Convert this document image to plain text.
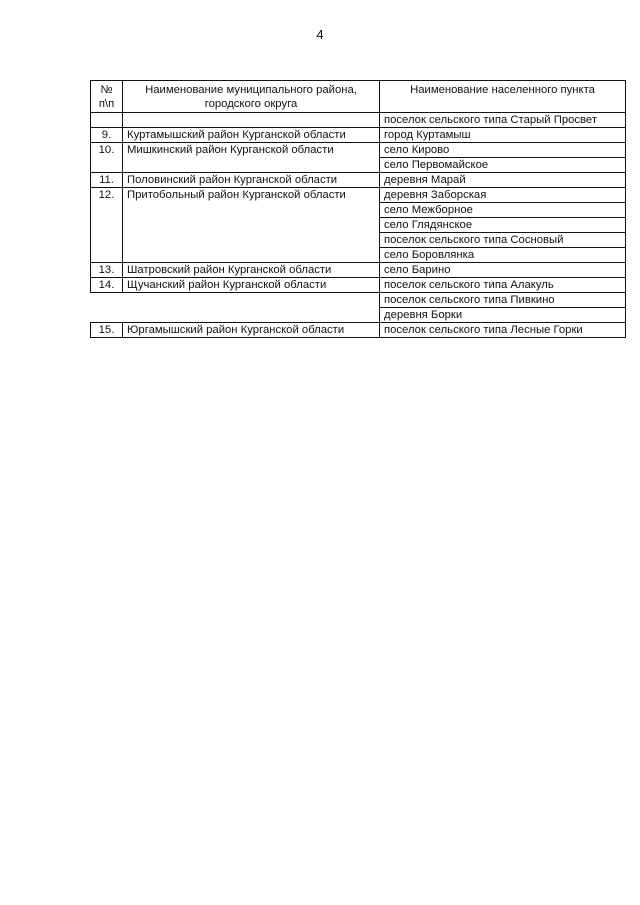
4
№ п\п	Наименование муниципального района, городского округа	Наименование населенного пункта
		поселок сельского типа Старый Просвет
9.	Куртамышский район Курганской области	город Куртамыш
10.	Мишкинский район Курганской области	село Кирово
		село Первомайское
11.	Половинский район Курганской области	деревня Марай
12.	Притобольный район Курганской области	деревня Заборская
		село Межборное
		село Глядянское
		поселок сельского типа Сосновый
		село Боровлянка
13.	Шатровский район Курганской области	село Барино
14.	Щучанский район Курганской области	поселок сельского типа Алакуль
		поселок сельского типа Пивкино
		деревня Борки
15.	Юргамышский район Курганской области	поселок сельского типа Лесные Горки
